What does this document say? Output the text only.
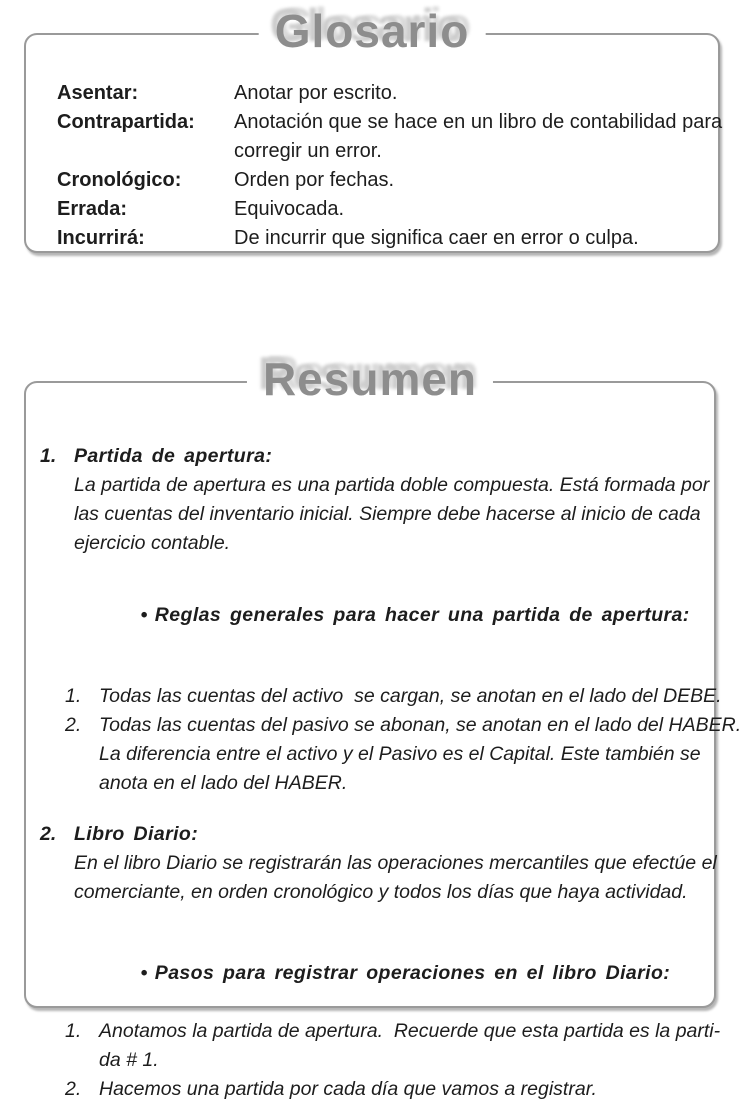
Glosario
Asentar:	Anotar por escrito.
Contrapartida:	Anotación que se hace en un libro de contabilidad para
corregir un error.
Cronológico:	Orden por fechas.
Errada:	Equivocada.
Incurrirá:	De incurrir que significa caer en error o culpa.
Resumen
1. Partida de apertura:
La partida de apertura es una partida doble compuesta. Está formada por
las cuentas del inventario inicial. Siempre debe hacerse al inicio de cada
ejercicio contable.

• Reglas generales para hacer una partida de apertura:

1. Todas las cuentas del activo  se cargan, se anotan en el lado del DEBE.
2. Todas las cuentas del pasivo se abonan, se anotan en el lado del HABER.
La diferencia entre el activo y el Pasivo es el Capital. Este también se
anota en el lado del HABER.
2. Libro Diario:
En el libro Diario se registrarán las operaciones mercantiles que efectúe el
comerciante, en orden cronológico y todos los días que haya actividad.

• Pasos para registrar operaciones en el libro Diario:

1. Anotamos la partida de apertura.  Recuerde que esta partida es la parti-
da # 1.
2. Hacemos una partida por cada día que vamos a registrar.
